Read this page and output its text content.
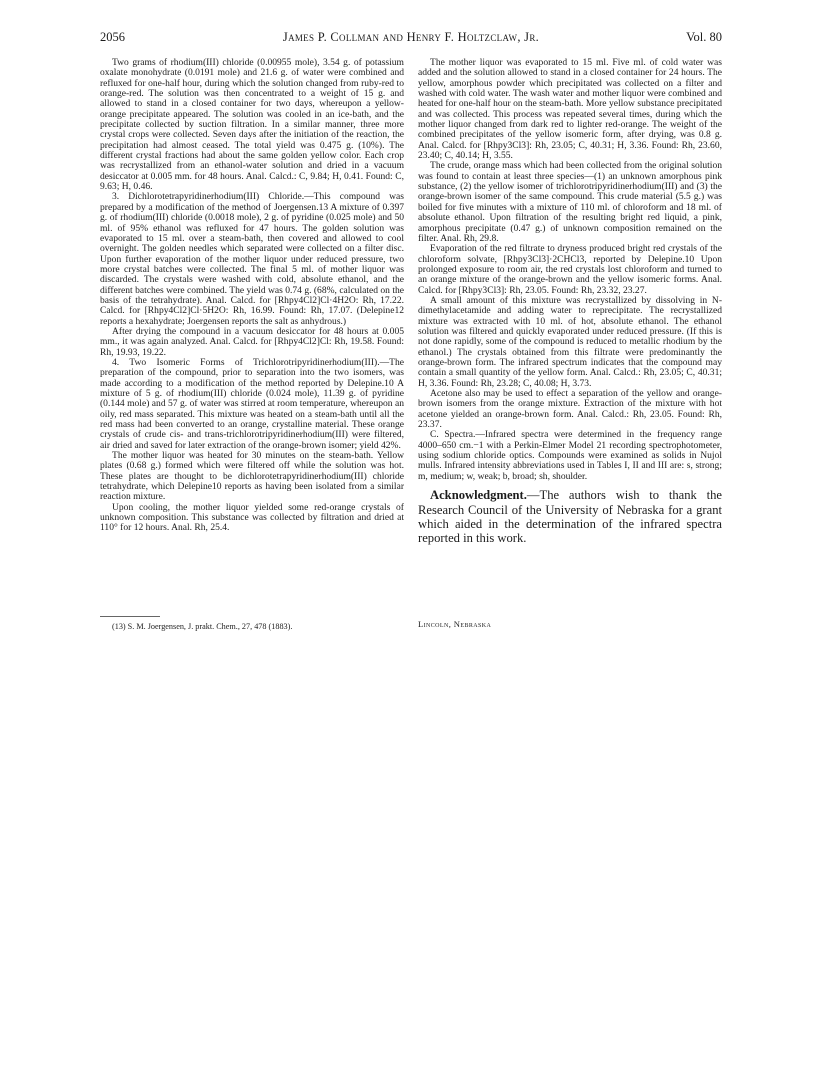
2056	James P. Collman and Henry F. Holtzclaw, Jr.	Vol. 80

Two grams of rhodium(III) chloride (0.00955 mole), 3.54 g. of potassium oxalate monohydrate (0.0191 mole) and 21.6 g. of water were combined and refluxed for one-half hour, during which the solution changed from ruby-red to orange-red. The solution was then concentrated to a weight of 15 g. and allowed to stand in a closed container for two days, whereupon a yellow-orange precipitate appeared. The solution was cooled in an ice-bath, and the precipitate collected by suction filtration. In a similar manner, three more crystal crops were collected. Seven days after the initiation of the reaction, the precipitation had almost ceased. The total yield was 0.475 g. (10%). The different crystal fractions had about the same golden yellow color. Each crop was recrystallized from an ethanol-water solution and dried in a vacuum desiccator at 0.005 mm. for 48 hours. Anal. Calcd.: C, 9.84; H, 0.41. Found: C, 9.63; H, 0.46.

3. Dichlorotetrapyridinerhodium(III) Chloride.—This compound was prepared by a modification of the method of Joergensen.13 A mixture of 0.397 g. of rhodium(III) chloride (0.0018 mole), 2 g. of pyridine (0.025 mole) and 50 ml. of 95% ethanol was refluxed for 47 hours. The golden solution was evaporated to 15 ml. over a steam-bath, then covered and allowed to cool overnight. The golden needles which separated were collected on a filter disc. Upon further evaporation of the mother liquor under reduced pressure, two more crystal batches were collected. The final 5 ml. of mother liquor was discarded. The crystals were washed with cold, absolute ethanol, and the different batches were combined. The yield was 0.74 g. (68%, calculated on the basis of the tetrahydrate). Anal. Calcd. for [Rhpy4Cl2]Cl·4H2O: Rh, 17.22. Calcd. for [Rhpy4Cl2]Cl·5H2O: Rh, 16.99. Found: Rh, 17.07. (Delepine12 reports a hexahydrate; Joergensen reports the salt as anhydrous.)

After drying the compound in a vacuum desiccator for 48 hours at 0.005 mm., it was again analyzed. Anal. Calcd. for [Rhpy4Cl2]Cl: Rh, 19.58. Found: Rh, 19.93, 19.22.

4. Two Isomeric Forms of Trichlorotripyridinerhodium(III).—The preparation of the compound, prior to separation into the two isomers, was made according to a modification of the method reported by Delepine.10 A mixture of 5 g. of rhodium(III) chloride (0.024 mole), 11.39 g. of pyridine (0.144 mole) and 57 g. of water was stirred at room temperature, whereupon an oily, red mass separated. This mixture was heated on a steam-bath until all the red mass had been converted to an orange, crystalline material. These orange crystals of crude cis- and trans-trichlorotripyridinerhodium(III) were filtered, air dried and saved for later extraction of the orange-brown isomer; yield 42%.

The mother liquor was heated for 30 minutes on the steam-bath. Yellow plates (0.68 g.) formed which were filtered off while the solution was hot. These plates are thought to be dichlorotetrapyridinerhodium(III) chloride tetrahydrate, which Delepine10 reports as having been isolated from a similar reaction mixture.

Upon cooling, the mother liquor yielded some red-orange crystals of unknown composition. This substance was collected by filtration and dried at 110° for 12 hours. Anal. Rh, 25.4.

The mother liquor was evaporated to 15 ml. Five ml. of cold water was added and the solution allowed to stand in a closed container for 24 hours. The yellow, amorphous powder which precipitated was collected on a filter and washed with cold water. The wash water and mother liquor were combined and heated for one-half hour on the steam-bath. More yellow substance precipitated and was collected. This process was repeated several times, during which the mother liquor changed from dark red to lighter red-orange. The weight of the combined precipitates of the yellow isomeric form, after drying, was 0.8 g. Anal. Calcd. for [Rhpy3Cl3]: Rh, 23.05; C, 40.31; H, 3.36. Found: Rh, 23.60, 23.40; C, 40.14; H, 3.55.

The crude, orange mass which had been collected from the original solution was found to contain at least three species—(1) an unknown amorphous pink substance, (2) the yellow isomer of trichlorotripyridinerhodium(III) and (3) the orange-brown isomer of the same compound. This crude material (5.5 g.) was boiled for five minutes with a mixture of 110 ml. of chloroform and 18 ml. of absolute ethanol. Upon filtration of the resulting bright red liquid, a pink, amorphous precipitate (0.47 g.) of unknown composition remained on the filter. Anal. Rh, 29.8.

Evaporation of the red filtrate to dryness produced bright red crystals of the chloroform solvate, [Rhpy3Cl3]·2CHCl3, reported by Delepine.10 Upon prolonged exposure to room air, the red crystals lost chloroform and turned to an orange mixture of the orange-brown and the yellow isomeric forms. Anal. Calcd. for [Rhpy3Cl3]: Rh, 23.05. Found: Rh, 23.32, 23.27.

A small amount of this mixture was recrystallized by dissolving in N-dimethylacetamide and adding water to reprecipitate. The recrystallized mixture was extracted with 10 ml. of hot, absolute ethanol. The ethanol solution was filtered and quickly evaporated under reduced pressure. (If this is not done rapidly, some of the compound is reduced to metallic rhodium by the ethanol.) The crystals obtained from this filtrate were predominantly the orange-brown form. The infrared spectrum indicates that the compound may contain a small quantity of the yellow form. Anal. Calcd.: Rh, 23.05; C, 40.31; H, 3.36. Found: Rh, 23.28; C, 40.08; H, 3.73.

Acetone also may be used to effect a separation of the yellow and orange-brown isomers from the orange mixture. Extraction of the mixture with hot acetone yielded an orange-brown form. Anal. Calcd.: Rh, 23.05. Found: Rh, 23.37.

C. Spectra.—Infrared spectra were determined in the frequency range 4000–650 cm.−1 with a Perkin-Elmer Model 21 recording spectrophotometer, using sodium chloride optics. Compounds were examined as solids in Nujol mulls. Infrared intensity abbreviations used in Tables I, II and III are: s, strong; m, medium; w, weak; b, broad; sh, shoulder.

Acknowledgment.—The authors wish to thank the Research Council of the University of Nebraska for a grant which aided in the determination of the infrared spectra reported in this work.

(13) S. M. Joergensen, J. prakt. Chem., 27, 478 (1883).	Lincoln, Nebraska
